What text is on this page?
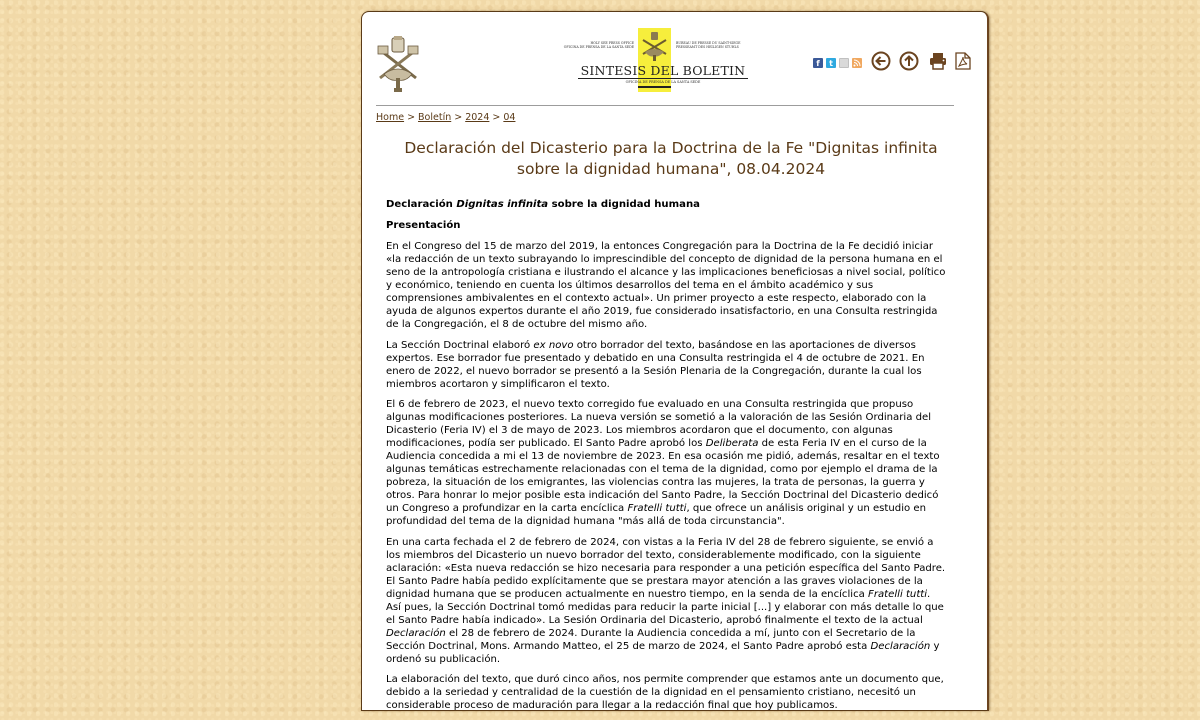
HOLY SEE PRESS OFFICE
OFICINA DE PRENSA DE LA SANTA SEDE
BUREAU DE PRESSE DU SAINT-SIEGE
PRESSEAMT DES HEILIGEN STUHLS
SINTESIS DEL BOLETIN
OFICINA DE PRENSA DE LA SANTA SEDE
f t
Home > Boletín > 2024 > 04
Declaración del Dicasterio para la Doctrina de la Fe "Dignitas infinita sobre la dignidad humana", 08.04.2024

Declaración Dignitas infinita sobre la dignidad humana

Presentación

En el Congreso del 15 de marzo del 2019, la entonces Congregación para la Doctrina de la Fe decidió iniciar «la redacción de un texto subrayando lo imprescindible del concepto de dignidad de la persona humana en el seno de la antropología cristiana e ilustrando el alcance y las implicaciones beneficiosas a nivel social, político y económico, teniendo en cuenta los últimos desarrollos del tema en el ámbito académico y sus comprensiones ambivalentes en el contexto actual». Un primer proyecto a este respecto, elaborado con la ayuda de algunos expertos durante el año 2019, fue considerado insatisfactorio, en una Consulta restringida de la Congregación, el 8 de octubre del mismo año.

La Sección Doctrinal elaboró ex novo otro borrador del texto, basándose en las aportaciones de diversos expertos. Ese borrador fue presentado y debatido en una Consulta restringida el 4 de octubre de 2021. En enero de 2022, el nuevo borrador se presentó a la Sesión Plenaria de la Congregación, durante la cual los miembros acortaron y simplificaron el texto.

El 6 de febrero de 2023, el nuevo texto corregido fue evaluado en una Consulta restringida que propuso algunas modificaciones posteriores. La nueva versión se sometió a la valoración de las Sesión Ordinaria del Dicasterio (Feria IV) el 3 de mayo de 2023. Los miembros acordaron que el documento, con algunas modificaciones, podía ser publicado. El Santo Padre aprobó los Deliberata de esta Feria IV en el curso de la Audiencia concedida a mi el 13 de noviembre de 2023. En esa ocasión me pidió, además, resaltar en el texto algunas temáticas estrechamente relacionadas con el tema de la dignidad, como por ejemplo el drama de la pobreza, la situación de los emigrantes, las violencias contra las mujeres, la trata de personas, la guerra y otros. Para honrar lo mejor posible esta indicación del Santo Padre, la Sección Doctrinal del Dicasterio dedicó un Congreso a profundizar en la carta encíclica Fratelli tutti, que ofrece un análisis original y un estudio en profundidad del tema de la dignidad humana "más allá de toda circunstancia".

En una carta fechada el 2 de febrero de 2024, con vistas a la Feria IV del 28 de febrero siguiente, se envió a los miembros del Dicasterio un nuevo borrador del texto, considerablemente modificado, con la siguiente aclaración: «Esta nueva redacción se hizo necesaria para responder a una petición específica del Santo Padre. El Santo Padre había pedido explícitamente que se prestara mayor atención a las graves violaciones de la dignidad humana que se producen actualmente en nuestro tiempo, en la senda de la encíclica Fratelli tutti. Así pues, la Sección Doctrinal tomó medidas para reducir la parte inicial [...] y elaborar con más detalle lo que el Santo Padre había indicado». La Sesión Ordinaria del Dicasterio, aprobó finalmente el texto de la actual Declaración el 28 de febrero de 2024. Durante la Audiencia concedida a mí, junto con el Secretario de la Sección Doctrinal, Mons. Armando Matteo, el 25 de marzo de 2024, el Santo Padre aprobó esta Declaración y ordenó su publicación.

La elaboración del texto, que duró cinco años, nos permite comprender que estamos ante un documento que, debido a la seriedad y centralidad de la cuestión de la dignidad en el pensamiento cristiano, necesitó un considerable proceso de maduración para llegar a la redacción final que hoy publicamos.
